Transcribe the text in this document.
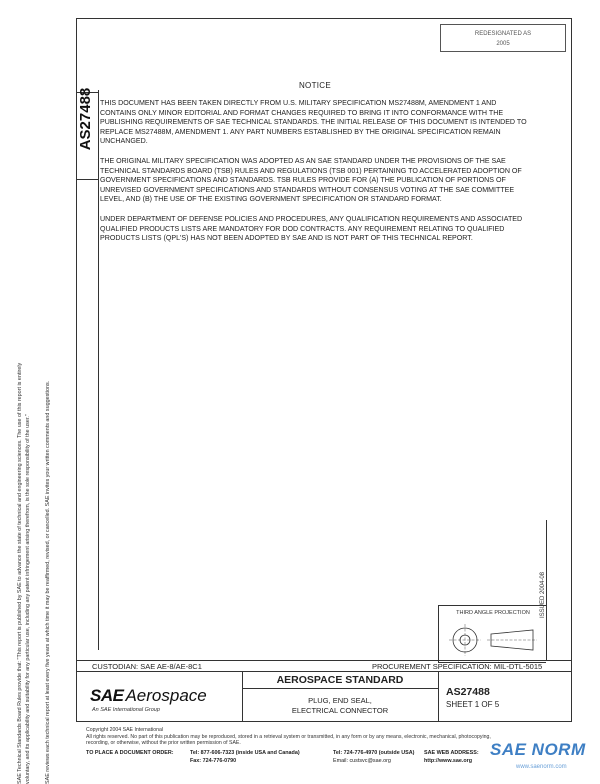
AS27488
REDESIGNATED AS
2005
NOTICE

THIS DOCUMENT HAS BEEN TAKEN DIRECTLY FROM U.S. MILITARY SPECIFICATION MS27488M, AMENDMENT 1 AND CONTAINS ONLY MINOR EDITORIAL AND FORMAT CHANGES REQUIRED TO BRING IT INTO CONFORMANCE WITH THE PUBLISHING REQUIREMENTS OF SAE TECHNICAL STANDARDS. THE INITIAL RELEASE OF THIS DOCUMENT IS INTENDED TO REPLACE MS27488M, AMENDMENT 1. ANY PART NUMBERS ESTABLISHED BY THE ORIGINAL SPECIFICATION REMAIN UNCHANGED.

THE ORIGINAL MILITARY SPECIFICATION WAS ADOPTED AS AN SAE STANDARD UNDER THE PROVISIONS OF THE SAE TECHNICAL STANDARDS BOARD (TSB) RULES AND REGULATIONS (TSB 001) PERTAINING TO ACCELERATED ADOPTION OF GOVERNMENT SPECIFICATIONS AND STANDARDS. TSB RULES PROVIDE FOR (A) THE PUBLICATION OF PORTIONS OF UNREVISED GOVERNMENT SPECIFICATIONS AND STANDARDS WITHOUT CONSENSUS VOTING AT THE SAE COMMITTEE LEVEL, AND (B) THE USE OF THE EXISTING GOVERNMENT SPECIFICATION OR STANDARD FORMAT.

UNDER DEPARTMENT OF DEFENSE POLICIES AND PROCEDURES, ANY QUALIFICATION REQUIREMENTS AND ASSOCIATED QUALIFIED PRODUCTS LISTS ARE MANDATORY FOR DOD CONTRACTS. ANY REQUIREMENT RELATING TO QUALIFIED PRODUCTS LISTS (QPL'S) HAS NOT BEEN ADOPTED BY SAE AND IS NOT PART OF THIS TECHNICAL REPORT.

SAE Technical Standards Board Rules provide that: "This report is published by SAE to advance the state of technical and engineering sciences. The use of this report is entirely voluntary, and its applicability and suitability for any particular use, including any patent infringement arising therefrom, is the sole responsibility of the user."	SAE reviews each technical report at least every five years at which time it may be reaffirmed, revised, or cancelled. SAE invites your written comments and suggestions.	ISSUED 2004-08
THIRD ANGLE PROJECTION
CUSTODIAN: SAE AE-8/AE-8C1	PROCUREMENT SPECIFICATION: MIL-DTL-5015
SAE Aerospace
An SAE International Group
AEROSPACE STANDARD
PLUG, END SEAL,
ELECTRICAL CONNECTOR
AS27488
SHEET 1 OF 5
Copyright 2004 SAE International
All rights reserved. No part of this publication may be reproduced, stored in a retrieval system or transmitted, in any form or by any means, electronic, mechanical, photocopying,
recording, or otherwise, without the prior written permission of SAE.
TO PLACE A DOCUMENT ORDER:	Tel: 877-606-7323 (inside USA and Canada)
Fax: 724-776-0790
Tel: 724-776-4970 (outside USA)
Email: custsvc@sae.org
SAE WEB ADDRESS: http://www.sae.org
SAE NORM
www.saenorm.com
